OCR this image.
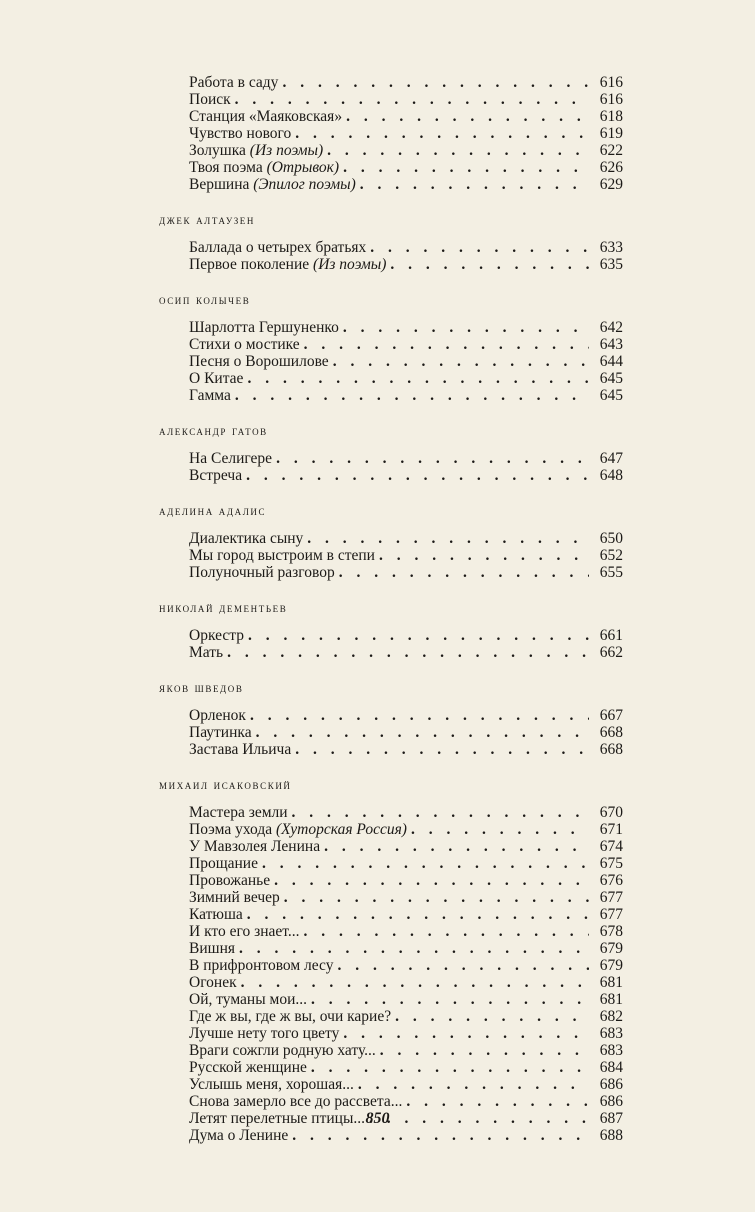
Работа в саду . . .	616
Поиск . . .	616
Станция «Маяковская» . . .	618
Чувство нового . . .	619
Золушка (Из поэмы) . . .	622
Твоя поэма (Отрывок) . . .	626
Вершина (Эпилог поэмы) . . .	629
джек алтаузен
Баллада о четырех братьях . . .	633
Первое поколение (Из поэмы) . . .	635
осип колычев
Шарлотта Гершуненко . . .	642
Стихи о мостике . . .	643
Песня о Ворошилове . . .	644
О Китае . . .	645
Гамма . . .	645
александр гатов
На Селигере . . .	647
Встреча . . .	648
аделина адалис
Диалектика сыну . . .	650
Мы город выстроим в степи . . .	652
Полуночный разговор . . .	655
николай дементьев
Оркестр . . .	661
Мать . . .	662
яков шведов
Орленок . . .	667
Паутинка . . .	668
Застава Ильича . . .	668
михаил исаковский
Мастера земли . . .	670
Поэма ухода (Хуторская Россия) . . .	671
У Мавзолея Ленина . . .	674
Прощание . . .	675
Провожанье . . .	676
Зимний вечер . . .	677
Катюша . . .	677
И кто его знает... . . .	678
Вишня . . .	679
В прифронтовом лесу . . .	679
Огонек . . .	681
Ой, туманы мои... . . .	681
Где ж вы, где ж вы, очи карие? . . .	682
Лучше нету того цвету . . .	683
Враги сожгли родную хату... . . .	683
Русской женщине . . .	684
Услышь меня, хорошая... . . .	686
Снова замерло все до рассвета... . . .	686
Летят перелетные птицы... . . .	687
Дума о Ленине . . .	688
850
